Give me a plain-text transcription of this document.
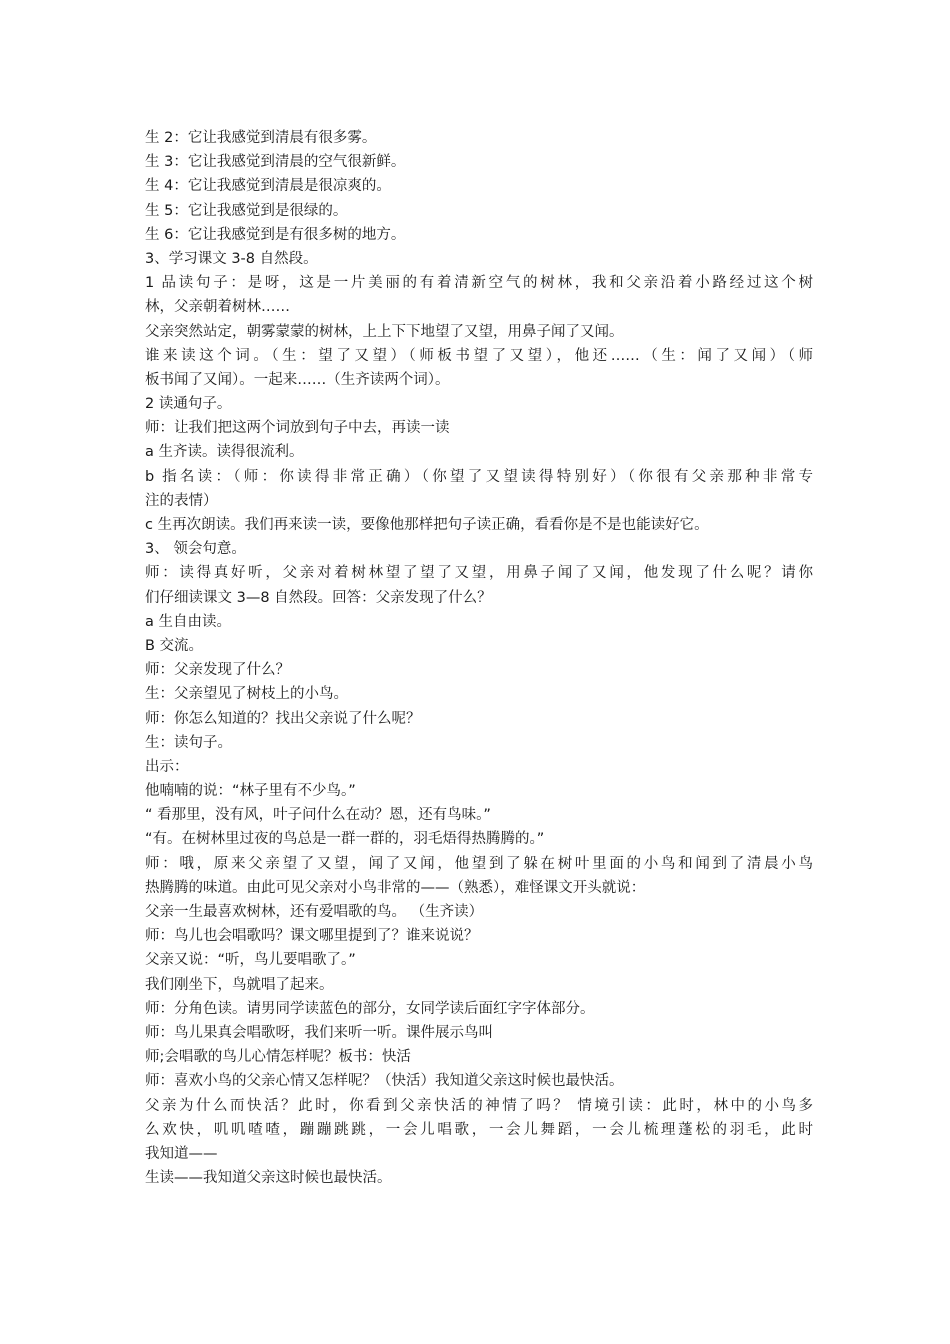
生 2：它让我感觉到清晨有很多雾。
生 3：它让我感觉到清晨的空气很新鲜。
生 4：它让我感觉到清晨是很凉爽的。
生 5：它让我感觉到是很绿的。
生 6：它让我感觉到是有很多树的地方。
3、学习课文 3-8 自然段。
1 品读句子：是呀，这是一片美丽的有着清新空气的树林，我和父亲沿着小路经过这个树
林，父亲朝着树林……
父亲突然站定，朝雾蒙蒙的树林，上上下下地望了又望，用鼻子闻了又闻。
谁来读这个词。（生：望了又望）（师板书望了又望），他还……（生：闻了又闻）（师
板书闻了又闻）。一起来……（生齐读两个词）。
2 读通句子。
师：让我们把这两个词放到句子中去，再读一读
a 生齐读。读得很流利。
b 指名读：（师：你读得非常正确）（你望了又望读得特别好）（你很有父亲那种非常专
注的表情）
c 生再次朗读。我们再来读一读，要像他那样把句子读正确，看看你是不是也能读好它。
3、 领会句意。
师：读得真好听，父亲对着树林望了望了又望，用鼻子闻了又闻，他发现了什么呢？请你
们仔细读课文 3—8 自然段。回答：父亲发现了什么？
a 生自由读。
B 交流。
师：父亲发现了什么？
生：父亲望见了树枝上的小鸟。
师：你怎么知道的？找出父亲说了什么呢？
生：读句子。
出示：
他喃喃的说：“林子里有不少鸟。”
“ 看那里，没有风，叶子问什么在动？恩，还有鸟味。”
“有。在树林里过夜的鸟总是一群一群的，羽毛焐得热腾腾的。”
师：哦，原来父亲望了又望，闻了又闻，他望到了躲在树叶里面的小鸟和闻到了清晨小鸟
热腾腾的味道。由此可见父亲对小鸟非常的——（熟悉），难怪课文开头就说：
父亲一生最喜欢树林，还有爱唱歌的鸟。 （生齐读）
师：鸟儿也会唱歌吗？课文哪里提到了？谁来说说？
父亲又说：“听，鸟儿要唱歌了。”
我们刚坐下，鸟就唱了起来。
师：分角色读。请男同学读蓝色的部分，女同学读后面红字字体部分。
师：鸟儿果真会唱歌呀，我们来听一听。课件展示鸟叫
师;会唱歌的鸟儿心情怎样呢？板书：快活
师：喜欢小鸟的父亲心情又怎样呢？（快活）我知道父亲这时候也最快活。
父亲为什么而快活？此时，你看到父亲快活的神情了吗？ 情境引读：此时，林中的小鸟多
么欢快，叽叽喳喳，蹦蹦跳跳，一会儿唱歌，一会儿舞蹈，一会儿梳理蓬松的羽毛，此时
我知道——
生读——我知道父亲这时候也最快活。
